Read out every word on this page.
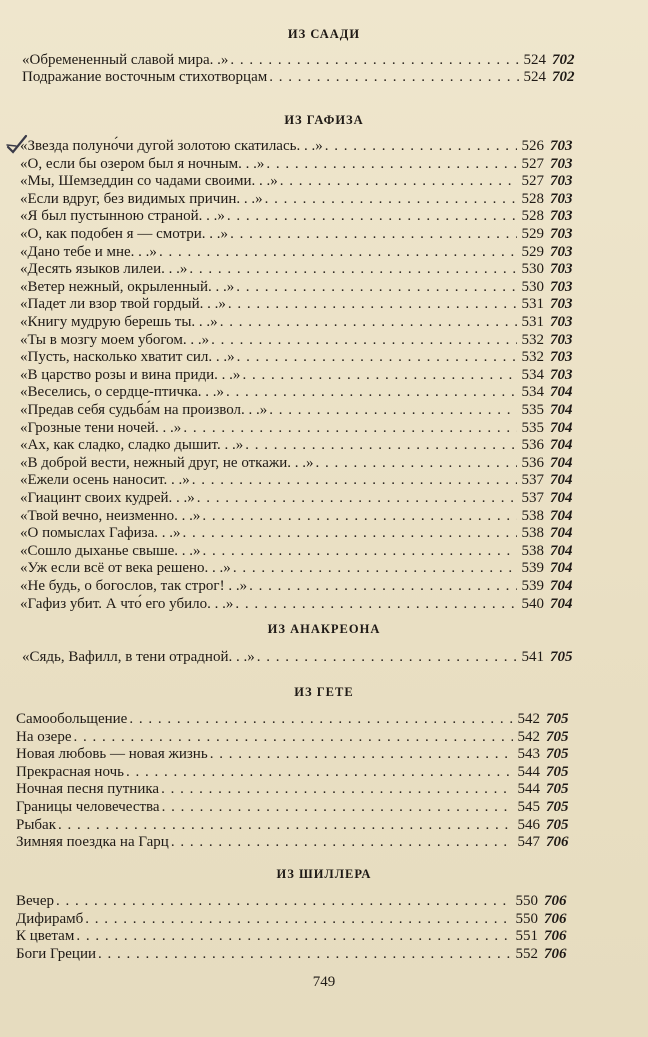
ИЗ СААДИ
«Обремененный славой мира. .» . . .	524 702
Подражание восточным стихотворцам . . .	524 702
ИЗ ГАФИЗА
«Звезда полуно́чи дугой золотою скатилась. . .» . . .	526 703
«О, если бы озером был я ночным. . .» . . .	527 703
«Мы, Шемзеддин со чадами своими. . .» . . .	527 703
«Если вдруг, без видимых причин. . .» . . .	528 703
«Я был пустынною страной. . .» . . .	528 703
«О, как подобен я — смотри. . .» . . .	529 703
«Дано тебе и мне. . .» . . .	529 703
«Десять языков лилеи. . .» . . .	530 703
«Ветер нежный, окрыленный. . .» . . .	530 703
«Падет ли взор твой гордый. . .» . . .	531 703
«Книгу мудрую берешь ты. . .» . . .	531 703
«Ты в мозгу моем убогом. . .» . . .	532 703
«Пусть, насколько хватит сил. . .» . . .	532 703
«В царство розы и вина приди. . .» . . .	534 703
«Веселись, о сердце-птичка. . .» . . .	534 704
«Предав себя судьба́м на произвол. . .» . . .	535 704
«Грозные тени ночей. . .» . . .	535 704
«Ах, как сладко, сладко дышит. . .» . . .	536 704
«В доброй вести, нежный друг, не откажи. . .» . . .	536 704
«Ежели осень наносит. . .» . . .	537 704
«Гиацинт своих кудрей. . .» . . .	537 704
«Твой вечно, неизменно. . .» . . .	538 704
«О помыслах Гафиза. . .» . . .	538 704
«Сошло дыханье свыше. . .» . . .	538 704
«Уж если всё от века решено. . .» . . .	539 704
«Не будь, о богослов, так строг! . .» . . .	539 704
«Гафиз убит. А что́ его убило. . .» . . .	540 704
ИЗ АНАКРЕОНА
«Сядь, Вафилл, в тени отрадной. . .» . . .	541 705
ИЗ ГЕТЕ
Самообольщение . . .	542 705
На озере . . .	542 705
Новая любовь — новая жизнь . . .	543 705
Прекрасная ночь . . .	544 705
Ночная песня путника . . .	544 705
Границы человечества . . .	545 705
Рыбак . . .	546 705
Зимняя поездка на Гарц . . .	547 706
ИЗ ШИЛЛЕРА
Вечер . . .	550 706
Дифирамб . . .	550 706
К цветам . . .	551 706
Боги Греции . . .	552 706
749
